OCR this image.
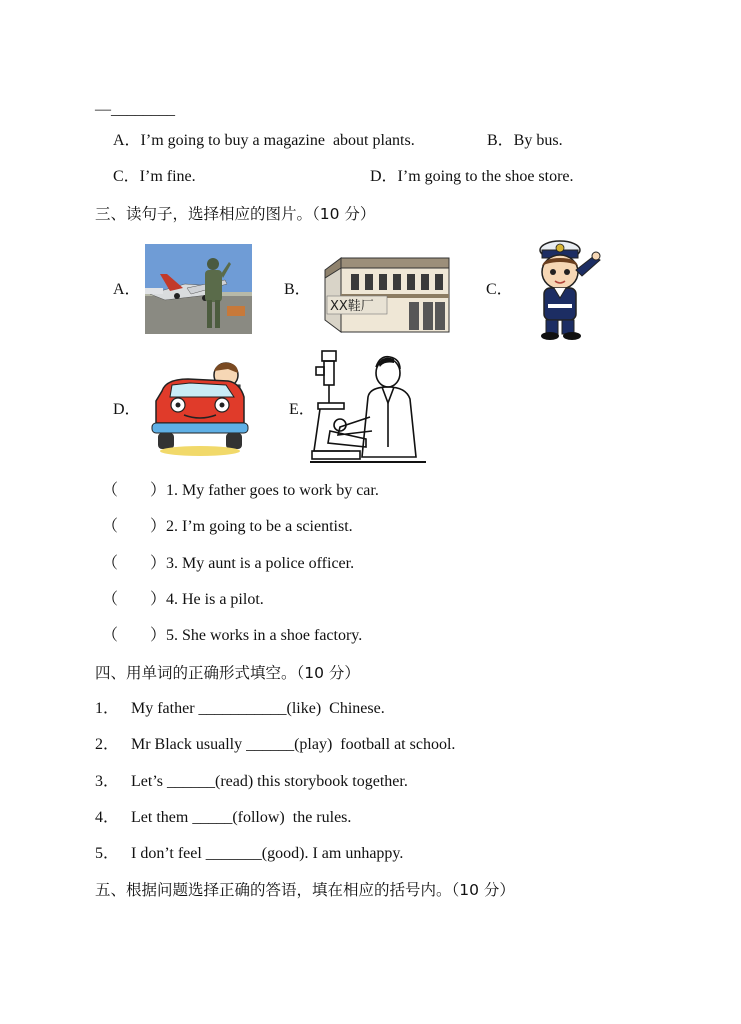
—________
A．I’m going to buy a magazine  about plants.	B．By bus.
C．I’m fine.	D．I’m going to the shoe store.
三、读句子，选择相应的图片。（10 分）
A．	B．	C．
D．	E．
XX鞋厂
（        ）1. My father goes to work by car.
（        ）2. I’m going to be a scientist.
（        ）3. My aunt is a police officer.
（        ）4. He is a pilot.
（        ）5. She works in a shoe factory.
四、用单词的正确形式填空。（10 分）
1． My father ___________(like)  Chinese.
2． Mr Black usually ______(play)  football at school.
3． Let’s ______(read) this storybook together.
4． Let them _____(follow)  the rules.
5． I don’t feel _______(good). I am unhappy.
五、根据问题选择正确的答语，填在相应的括号内。（10 分）
